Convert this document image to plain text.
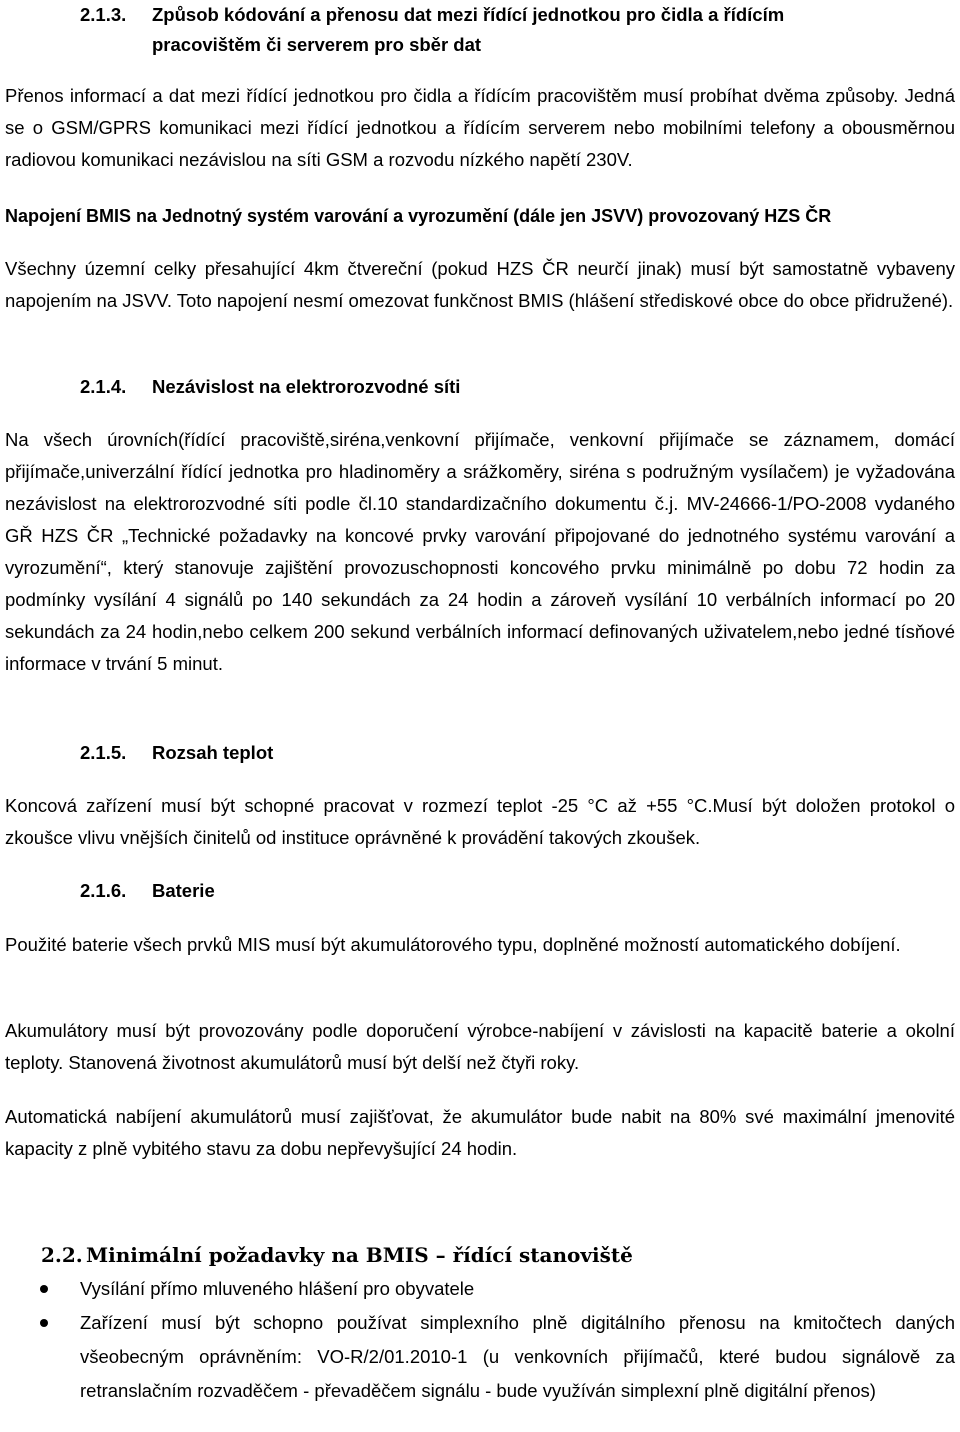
2.1.3. Způsob kódování a přenosu dat mezi řídící jednotkou pro čidla a řídícím
pracovištěm či serverem pro sběr dat

Přenos informací a dat mezi řídící jednotkou pro čidla a řídícím pracovištěm musí probíhat dvěma způsoby. Jedná se o GSM/GPRS komunikaci mezi řídící jednotkou a řídícím serverem nebo mobilními telefony a obousměrnou radiovou komunikaci nezávislou na síti GSM a rozvodu nízkého napětí 230V.

Napojení BMIS na Jednotný systém varování a vyrozumění (dále jen JSVV) provozovaný HZS ČR

Všechny územní celky přesahující 4km čtvereční (pokud HZS ČR neurčí jinak) musí být samostatně vybaveny napojením na JSVV. Toto napojení nesmí omezovat funkčnost BMIS (hlášení střediskové obce do obce přidružené).

2.1.4. Nezávislost na elektrorozvodné síti

Na všech úrovních(řídící pracoviště,siréna,venkovní přijímače, venkovní přijímače se záznamem, domácí přijímače,univerzální řídící jednotka pro hladinoměry a srážkoměry, siréna s podružným vysílačem) je vyžadována nezávislost na elektrorozvodné síti podle čl.10 standardizačního dokumentu č.j. MV-24666-1/PO-2008 vydaného GŘ HZS ČR „Technické požadavky na koncové prvky varování připojované do jednotného systému varování a vyrozumění“, který stanovuje zajištění provozuschopnosti koncového prvku minimálně po dobu 72 hodin za podmínky vysílání 4 signálů po 140 sekundách za 24 hodin a zároveň vysílání 10 verbálních informací po 20 sekundách za 24 hodin,nebo celkem 200 sekund verbálních informací definovaných uživatelem,nebo jedné tísňové informace v trvání 5 minut.

2.1.5. Rozsah teplot

Koncová zařízení musí být schopné pracovat v rozmezí teplot -25 °C až +55 °C.Musí být doložen protokol o zkoušce vlivu vnějších činitelů od instituce oprávněné k provádění takových zkoušek.

2.1.6. Baterie

Použité baterie všech prvků MIS musí být akumulátorového typu, doplněné možností automatického dobíjení.

Akumulátory musí být provozovány podle doporučení výrobce-nabíjení v závislosti na kapacitě baterie a okolní teploty. Stanovená životnost akumulátorů musí být delší než čtyři roky.

Automatická nabíjení akumulátorů musí zajišťovat, že akumulátor bude nabit na 80% své maximální jmenovité kapacity z plně vybitého stavu za dobu nepřevyšující 24 hodin.

2.2. Minimální požadavky na BMIS – řídící stanoviště
Vysílání přímo mluveného hlášení pro obyvatele
Zařízení musí být schopno používat simplexního plně digitálního přenosu na kmitočtech daných všeobecným oprávněním: VO-R/2/01.2010-1 (u venkovních přijímačů, které budou signálově za retranslačním rozvaděčem - převaděčem signálu - bude využíván simplexní plně digitální přenos)
